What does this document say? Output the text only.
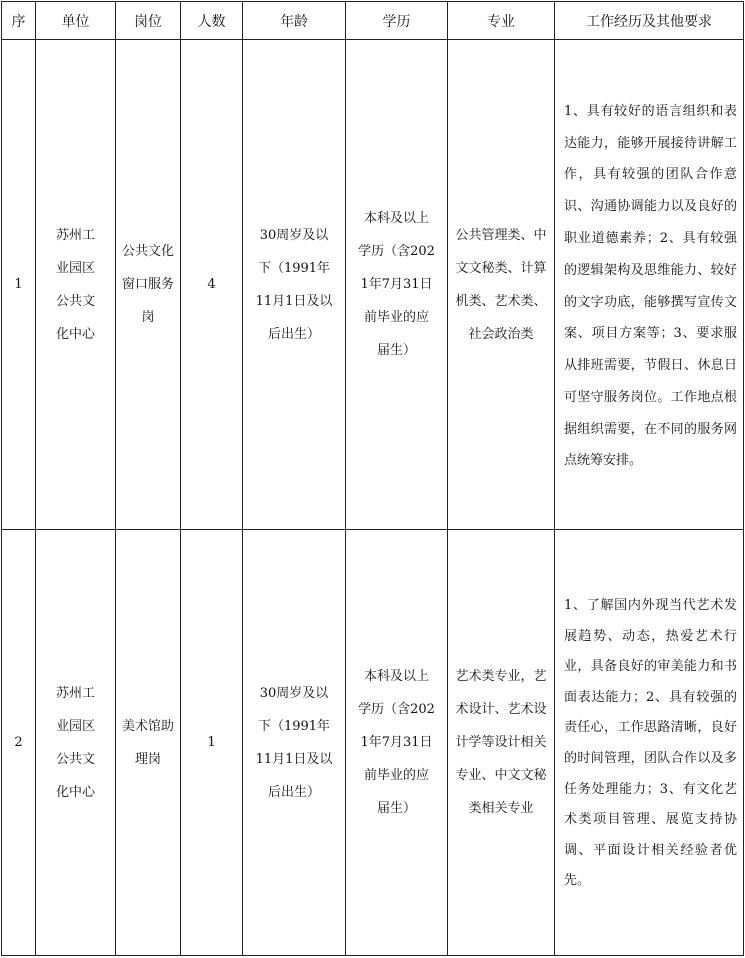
序	单位	岗位	人数	年龄	学历	专业	工作经历及其他要求

1	苏州工业园区公共文化中心	公共文化窗口服务岗	4	30周岁及以下（1991年11月1日及以后出生）	本科及以上学历（含2021年7月31日前毕业的应届生）	公共管理类、中文文秘类、计算机类、艺术类、社会政治类	1、具有较好的语言组织和表达能力，能够开展接待讲解工作，具有较强的团队合作意识、沟通协调能力以及良好的职业道德素养；2、具有较强的逻辑架构及思维能力、较好的文字功底，能够撰写宣传文案、项目方案等；3、要求服从排班需要，节假日、休息日可坚守服务岗位。工作地点根据组织需要，在不同的服务网点统筹安排。

2	苏州工业园区公共文化中心	美术馆助理岗	1	30周岁及以下（1991年11月1日及以后出生）	本科及以上学历（含2021年7月31日前毕业的应届生）	艺术类专业，艺术设计、艺术设计学等设计相关专业、中文文秘类相关专业	1、了解国内外现当代艺术发展趋势、动态，热爱艺术行业，具备良好的审美能力和书面表达能力；2、具有较强的责任心，工作思路清晰，良好的时间管理，团队合作以及多任务处理能力；3、有文化艺术类项目管理、展览支持协调、平面设计相关经验者优先。
